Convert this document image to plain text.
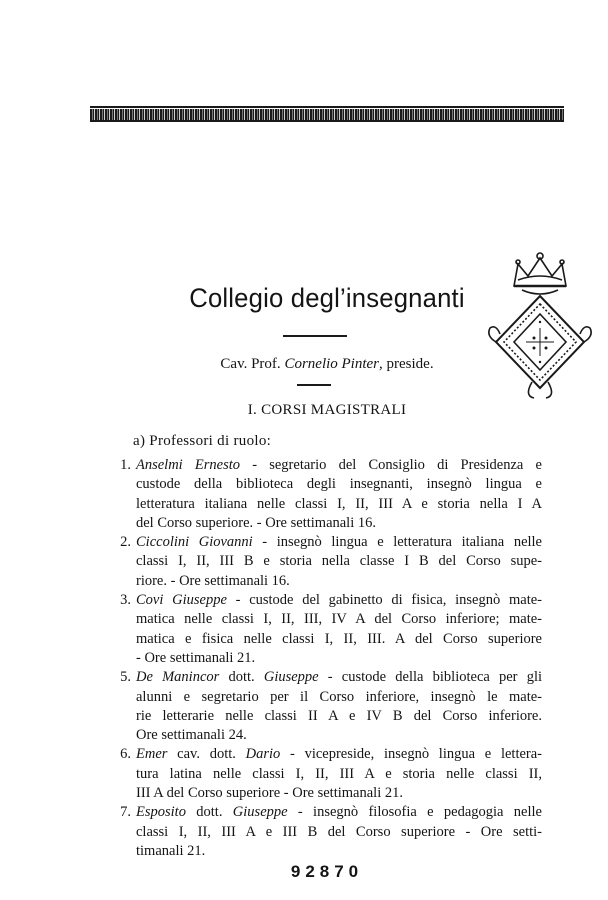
Collegio degl’insegnanti
Cav. Prof. Cornelio Pinter, preside.
I. CORSI MAGISTRALI
a) Professori di ruolo:
1. Anselmi Ernesto - segretario del Consiglio di Presidenza e
custode della biblioteca degli insegnanti, insegnò lingua e
letteratura italiana nelle classi I, II, III A e storia nella I A
del Corso superiore. - Ore settimanali 16.
2. Ciccolini Giovanni - insegnò lingua e letteratura italiana nelle
classi I, II, III B e storia nella classe I B del Corso supe-
riore. - Ore settimanali 16.
3. Covi Giuseppe - custode del gabinetto di fisica, insegnò mate-
matica nelle classi I, II, III, IV A del Corso inferiore; mate-
matica e fisica nelle classi I, II, III. A del Corso superiore
- Ore settimanali 21.
5. De Manincor dott. Giuseppe - custode della biblioteca per gli
alunni e segretario per il Corso inferiore, insegnò le mate-
rie letterarie nelle classi II A e IV B del Corso inferiore.
Ore settimanali 24.
6. Emer cav. dott. Dario - vicepreside, insegnò lingua e lettera-
tura latina nelle classi I, II, III A e storia nelle classi II,
III A del Corso superiore - Ore settimanali 21.
7. Esposito dott. Giuseppe - insegnò filosofia e pedagogia nelle
classi I, II, III A e III B del Corso superiore - Ore setti-
timanali 21.
92870
